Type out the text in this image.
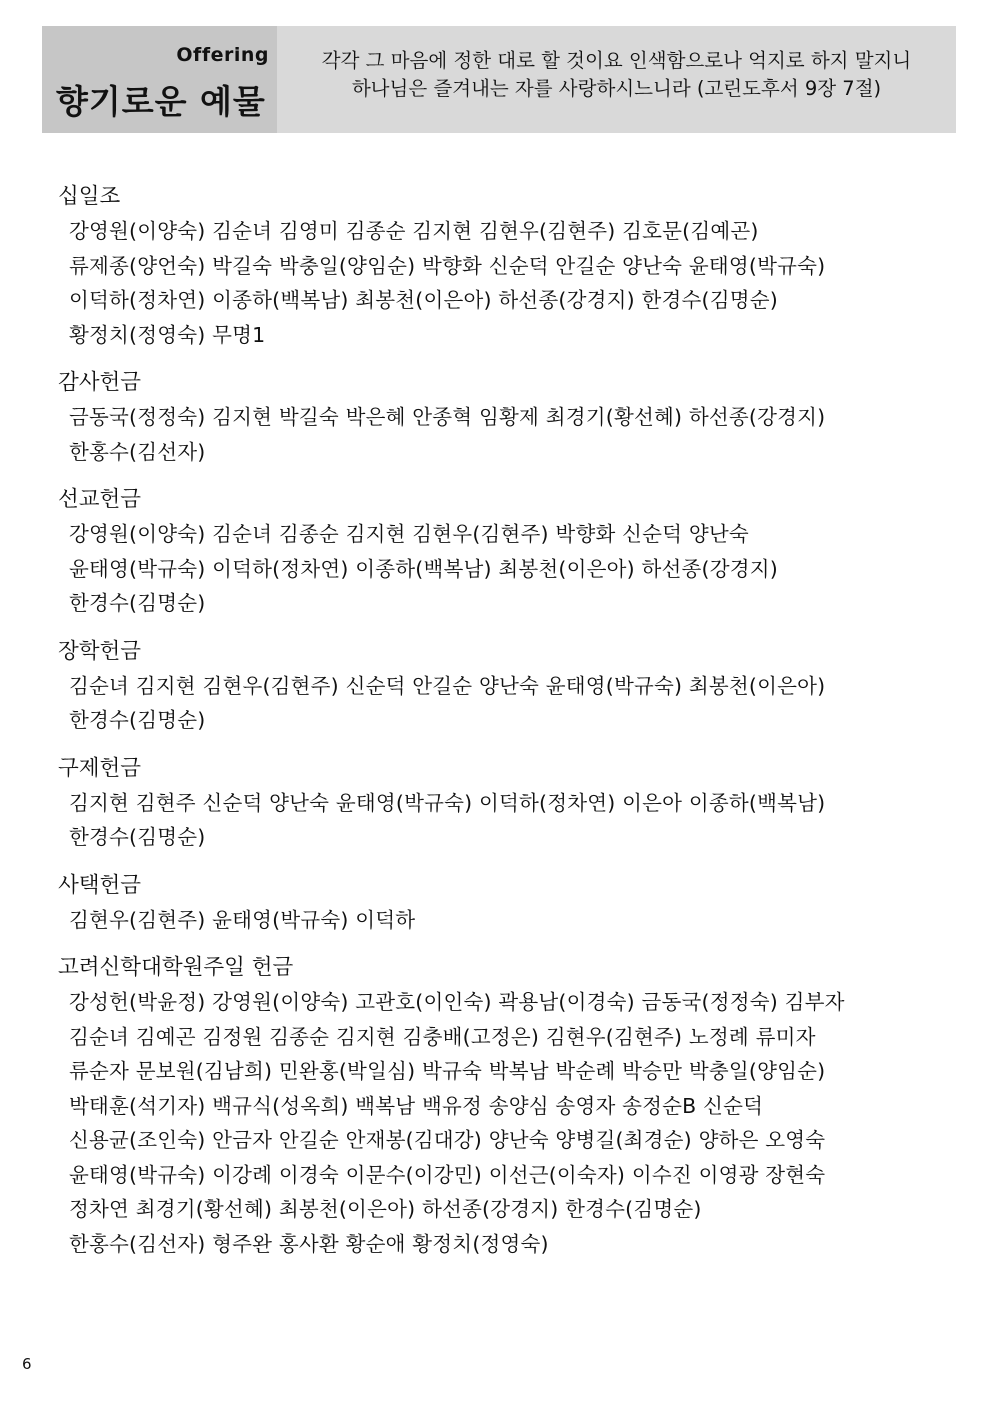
Offering
향기로운 예물
각각 그 마음에 정한 대로 할 것이요 인색함으로나 억지로 하지 말지니
하나님은 즐겨내는 자를 사랑하시느니라 (고린도후서 9장 7절)
십일조
강영원(이양숙) 김순녀 김영미 김종순 김지현 김현우(김현주) 김호문(김예곤)
류제종(양언숙) 박길숙 박충일(양임순) 박향화 신순덕 안길순 양난숙 윤태영(박규숙)
이덕하(정차연) 이종하(백복남) 최봉천(이은아) 하선종(강경지) 한경수(김명순)
황정치(정영숙) 무명1
감사헌금
금동국(정정숙) 김지현 박길숙 박은혜 안종혁 임황제 최경기(황선혜) 하선종(강경지)
한홍수(김선자)
선교헌금
강영원(이양숙) 김순녀 김종순 김지현 김현우(김현주) 박향화 신순덕 양난숙
윤태영(박규숙) 이덕하(정차연) 이종하(백복남) 최봉천(이은아) 하선종(강경지)
한경수(김명순)
장학헌금
김순녀 김지현 김현우(김현주) 신순덕 안길순 양난숙 윤태영(박규숙) 최봉천(이은아)
한경수(김명순)
구제헌금
김지현 김현주 신순덕 양난숙 윤태영(박규숙) 이덕하(정차연) 이은아 이종하(백복남)
한경수(김명순)
사택헌금
김현우(김현주) 윤태영(박규숙) 이덕하
고려신학대학원주일 헌금
강성헌(박윤정) 강영원(이양숙) 고관호(이인숙) 곽용남(이경숙) 금동국(정정숙) 김부자
김순녀 김예곤 김정원 김종순 김지현 김충배(고정은) 김현우(김현주) 노정례 류미자
류순자 문보원(김남희) 민완홍(박일심) 박규숙 박복남 박순례 박승만 박충일(양임순)
박태훈(석기자) 백규식(성옥희) 백복남 백유정 송양심 송영자 송정순B 신순덕
신용균(조인숙) 안금자 안길순 안재봉(김대강) 양난숙 양병길(최경순) 양하은 오영숙
윤태영(박규숙) 이강례 이경숙 이문수(이강민) 이선근(이숙자) 이수진 이영광 장현숙
정차연 최경기(황선혜) 최봉천(이은아) 하선종(강경지) 한경수(김명순)
한홍수(김선자) 형주완 홍사환 황순애 황정치(정영숙)
6
